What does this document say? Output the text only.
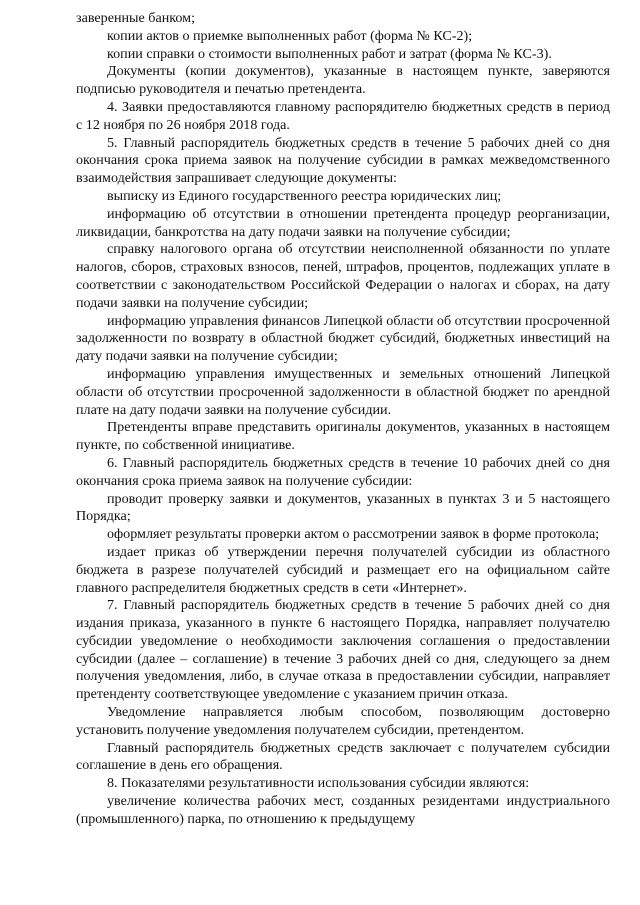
заверенные банком;

копии актов о приемке выполненных работ (форма № КС-2);

копии справки о стоимости выполненных работ и затрат (форма № КС-3).

Документы (копии документов), указанные в настоящем пункте, заверяются подписью руководителя и печатью претендента.

4. Заявки предоставляются главному распорядителю бюджетных средств в период с 12 ноября по 26 ноября 2018 года.

5. Главный распорядитель бюджетных средств в течение 5 рабочих дней со дня окончания срока приема заявок на получение субсидии в рамках межведомственного взаимодействия запрашивает следующие документы:

выписку из Единого государственного реестра юридических лиц;

информацию об отсутствии в отношении претендента процедур реорганизации, ликвидации, банкротства на дату подачи заявки на получение субсидии;

справку налогового органа об отсутствии неисполненной обязанности по уплате налогов, сборов, страховых взносов, пеней, штрафов, процентов, подлежащих уплате в соответствии с законодательством Российской Федерации о налогах и сборах, на дату подачи заявки на получение субсидии;

информацию управления финансов Липецкой области об отсутствии просроченной задолженности по возврату в областной бюджет субсидий, бюджетных инвестиций на дату подачи заявки на получение субсидии;

информацию управления имущественных и земельных отношений Липецкой области об отсутствии просроченной задолженности в областной бюджет по арендной плате на дату подачи заявки на получение субсидии.

Претенденты вправе представить оригиналы документов, указанных в настоящем пункте, по собственной инициативе.

6. Главный распорядитель бюджетных средств в течение 10 рабочих дней со дня окончания срока приема заявок на получение субсидии:

проводит проверку заявки и документов, указанных в пунктах 3 и 5 настоящего Порядка;

оформляет результаты проверки актом о рассмотрении заявок в форме протокола;

издает приказ об утверждении перечня получателей субсидии из областного бюджета в разрезе получателей субсидий и размещает его на официальном сайте главного распределителя бюджетных средств в сети «Интернет».

7. Главный распорядитель бюджетных средств в течение 5 рабочих дней со дня издания приказа, указанного в пункте 6 настоящего Порядка, направляет получателю субсидии уведомление о необходимости заключения соглашения о предоставлении субсидии (далее – соглашение) в течение 3 рабочих дней со дня, следующего за днем получения уведомления, либо, в случае отказа в предоставлении субсидии, направляет претенденту соответствующее уведомление с указанием причин отказа.

Уведомление направляется любым способом, позволяющим достоверно установить получение уведомления получателем субсидии, претендентом.

Главный распорядитель бюджетных средств заключает с получателем субсидии соглашение в день его обращения.

8. Показателями результативности использования субсидии являются:

увеличение количества рабочих мест, созданных резидентами индустриального (промышленного) парка, по отношению к предыдущему
